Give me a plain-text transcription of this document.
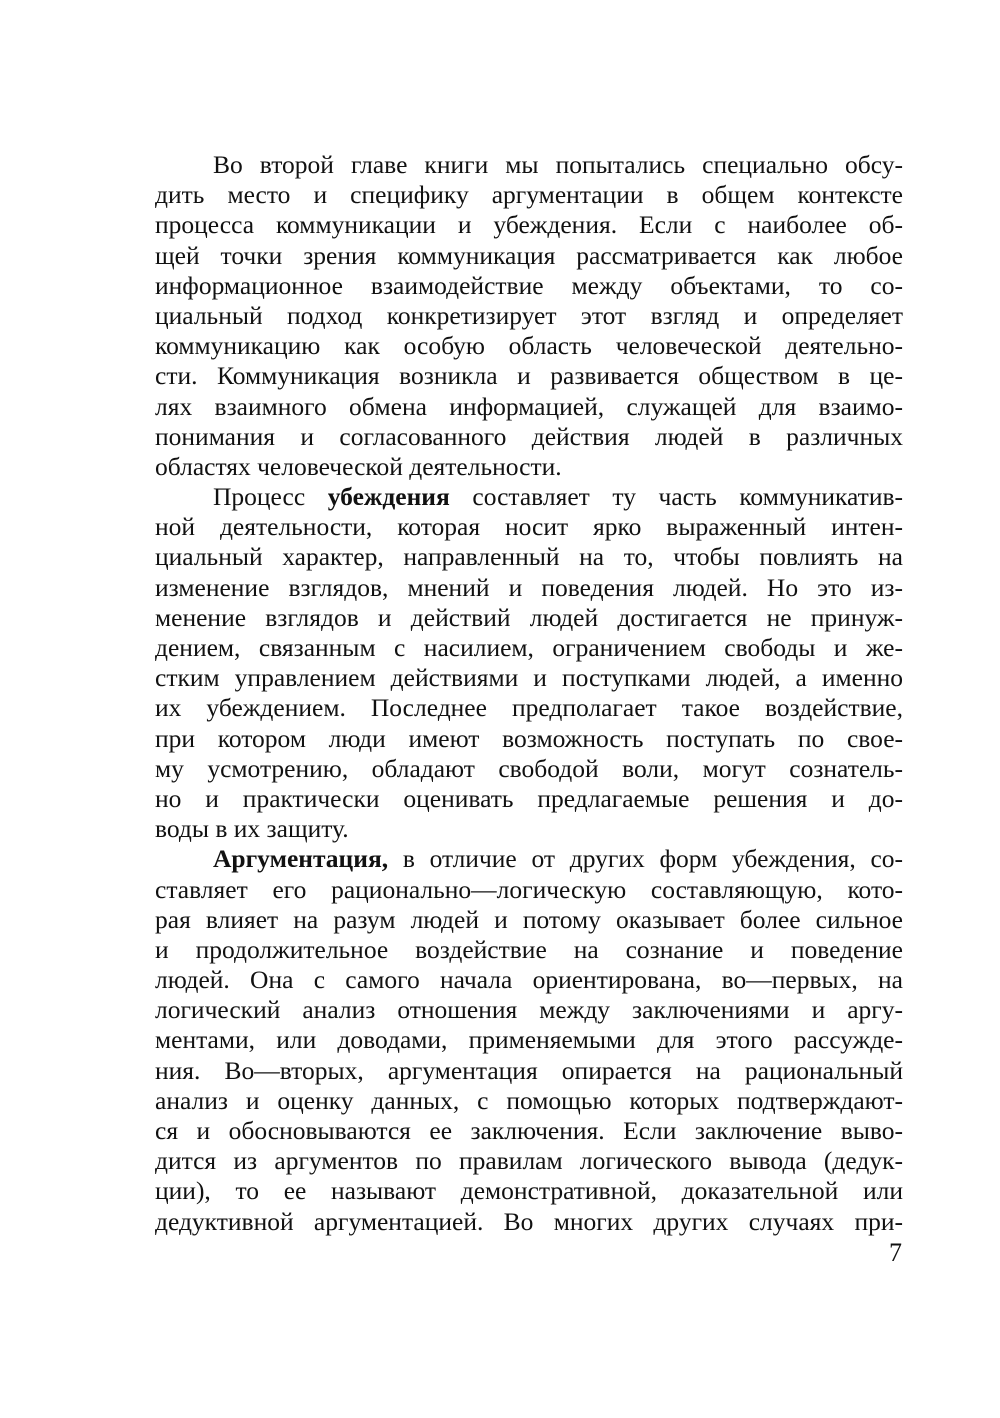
Во второй главе книги мы попытались специально обсу-
дить место и специфику аргументации в общем контексте
процесса коммуникации и убеждения. Если с наиболее об-
щей точки зрения коммуникация рассматривается как любое
информационное взаимодействие между объектами, то со-
циальный подход конкретизирует этот взгляд и определяет
коммуникацию как особую область человеческой деятельно-
сти. Коммуникация возникла и развивается обществом в це-
лях взаимного обмена информацией, служащей для взаимо-
понимания и согласованного действия людей в различных
областях человеческой деятельности.
Процесс убеждения составляет ту часть коммуникатив-
ной деятельности, которая носит ярко выраженный интен-
циальный характер, направленный на то, чтобы повлиять на
изменение взглядов, мнений и поведения людей. Но это из-
менение взглядов и действий людей достигается не принуж-
дением, связанным с насилием, ограничением свободы и же-
стким управлением действиями и поступками людей, а именно
их убеждением. Последнее предполагает такое воздействие,
при котором люди имеют возможность поступать по свое-
му усмотрению, обладают свободой воли, могут сознатель-
но и практически оценивать предлагаемые решения и до-
воды в их защиту.
Аргументация, в отличие от других форм убеждения, со-
ставляет его рационально—логическую составляющую, кото-
рая влияет на разум людей и потому оказывает более сильное
и продолжительное воздействие на сознание и поведение
людей. Она с самого начала ориентирована, во—первых, на
логический анализ отношения между заключениями и аргу-
ментами, или доводами, применяемыми для этого рассужде-
ния. Во—вторых, аргументация опирается на рациональный
анализ и оценку данных, с помощью которых подтверждают-
ся и обосновываются ее заключения. Если заключение выво-
дится из аргументов по правилам логического вывода (дедук-
ции), то ее называют демонстративной, доказательной или
дедуктивной аргументацией. Во многих других случаях при-
7
